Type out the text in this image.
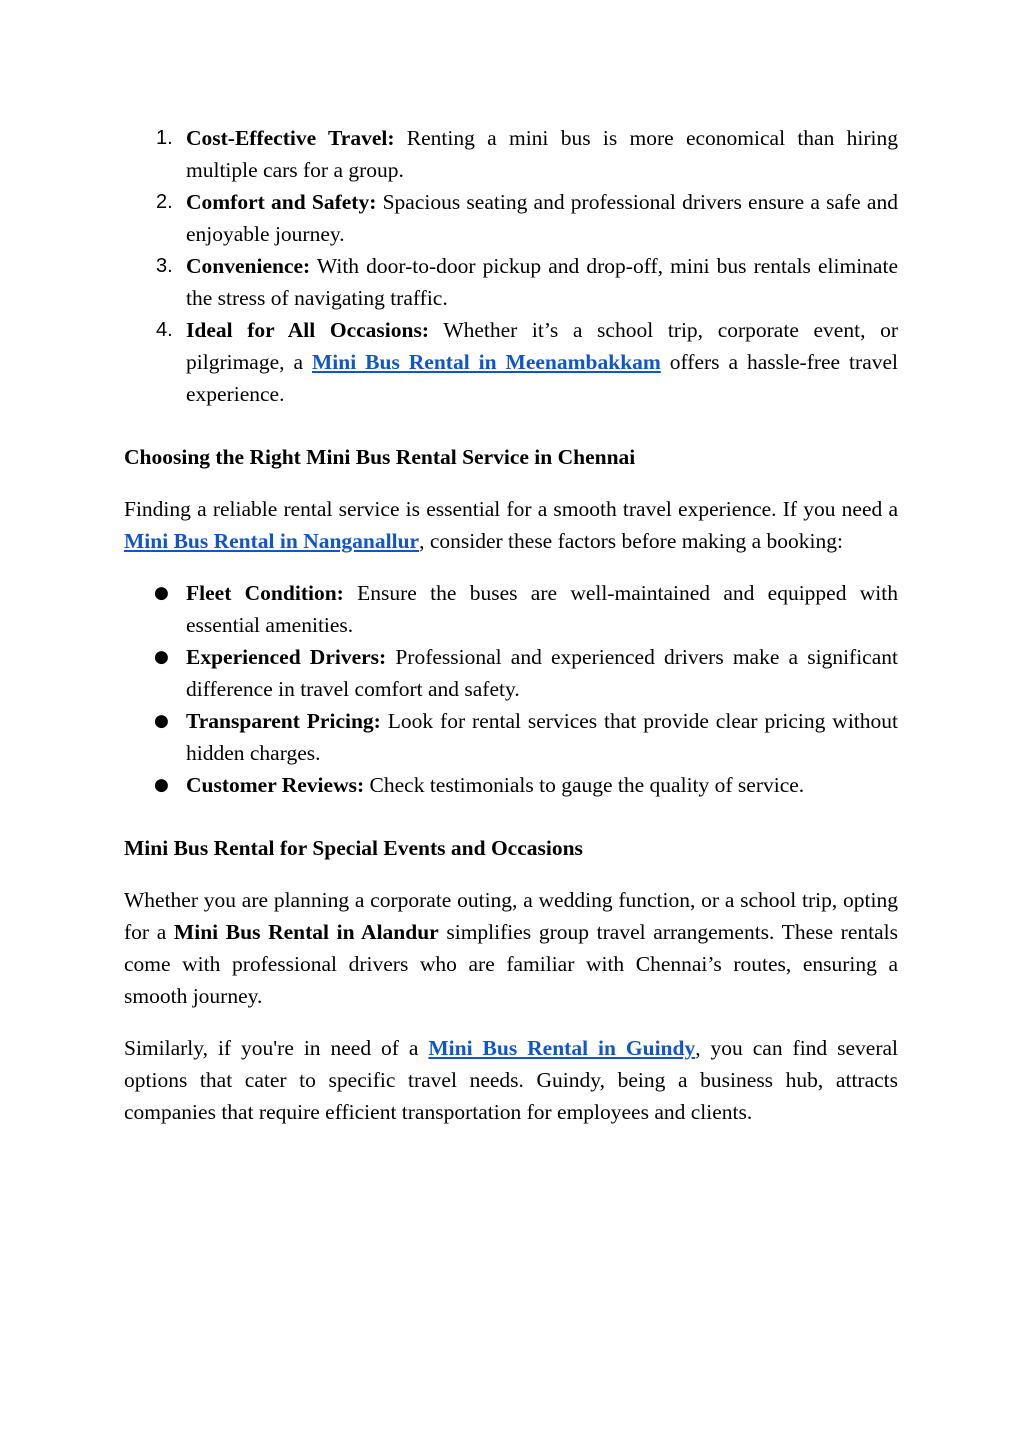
1. Cost-Effective Travel: Renting a mini bus is more economical than hiring multiple cars for a group.
2. Comfort and Safety: Spacious seating and professional drivers ensure a safe and enjoyable journey.
3. Convenience: With door-to-door pickup and drop-off, mini bus rentals eliminate the stress of navigating traffic.
4. Ideal for All Occasions: Whether it’s a school trip, corporate event, or pilgrimage, a Mini Bus Rental in Meenambakkam offers a hassle-free travel experience.
Choosing the Right Mini Bus Rental Service in Chennai

Finding a reliable rental service is essential for a smooth travel experience. If you need a Mini Bus Rental in Nanganallur, consider these factors before making a booking:

● Fleet Condition: Ensure the buses are well-maintained and equipped with essential amenities.
● Experienced Drivers: Professional and experienced drivers make a significant difference in travel comfort and safety.
● Transparent Pricing: Look for rental services that provide clear pricing without hidden charges.
● Customer Reviews: Check testimonials to gauge the quality of service.
Mini Bus Rental for Special Events and Occasions

Whether you are planning a corporate outing, a wedding function, or a school trip, opting for a Mini Bus Rental in Alandur simplifies group travel arrangements. These rentals come with professional drivers who are familiar with Chennai’s routes, ensuring a smooth journey.

Similarly, if you're in need of a Mini Bus Rental in Guindy, you can find several options that cater to specific travel needs. Guindy, being a business hub, attracts companies that require efficient transportation for employees and clients.
